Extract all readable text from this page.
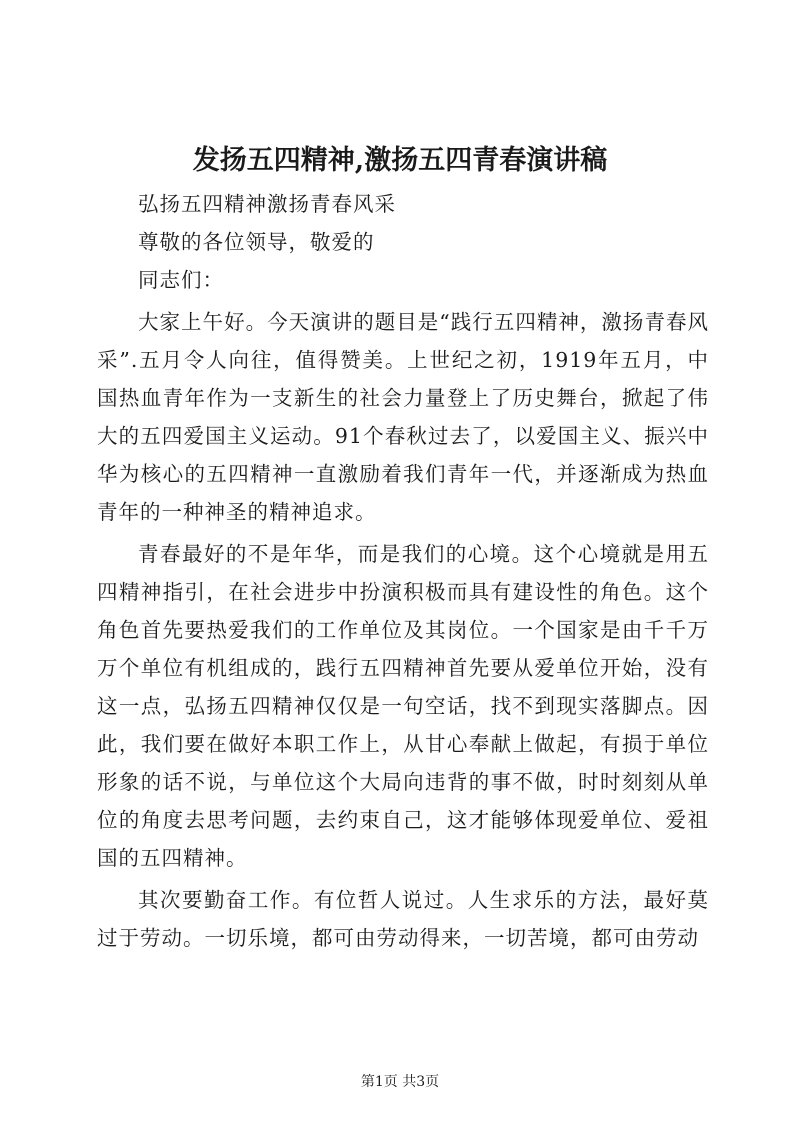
发扬五四精神,激扬五四青春演讲稿

弘扬五四精神激扬青春风采

尊敬的各位领导，敬爱的

同志们：

大家上午好。今天演讲的题目是“践行五四精神，激扬青春风采”.五月令人向往，值得赞美。上世纪之初，1919年五月，中国热血青年作为一支新生的社会力量登上了历史舞台，掀起了伟大的五四爱国主义运动。91个春秋过去了，以爱国主义、振兴中华为核心的五四精神一直激励着我们青年一代，并逐渐成为热血青年的一种神圣的精神追求。

青春最好的不是年华，而是我们的心境。这个心境就是用五四精神指引，在社会进步中扮演积极而具有建设性的角色。这个角色首先要热爱我们的工作单位及其岗位。一个国家是由千千万万个单位有机组成的，践行五四精神首先要从爱单位开始，没有这一点，弘扬五四精神仅仅是一句空话，找不到现实落脚点。因此，我们要在做好本职工作上，从甘心奉献上做起，有损于单位形象的话不说，与单位这个大局向违背的事不做，时时刻刻从单位的角度去思考问题，去约束自己，这才能够体现爱单位、爱祖国的五四精神。

其次要勤奋工作。有位哲人说过。人生求乐的方法，最好莫过于劳动。一切乐境，都可由劳动得来，一切苦境，都可由劳动

第1页 共3页
